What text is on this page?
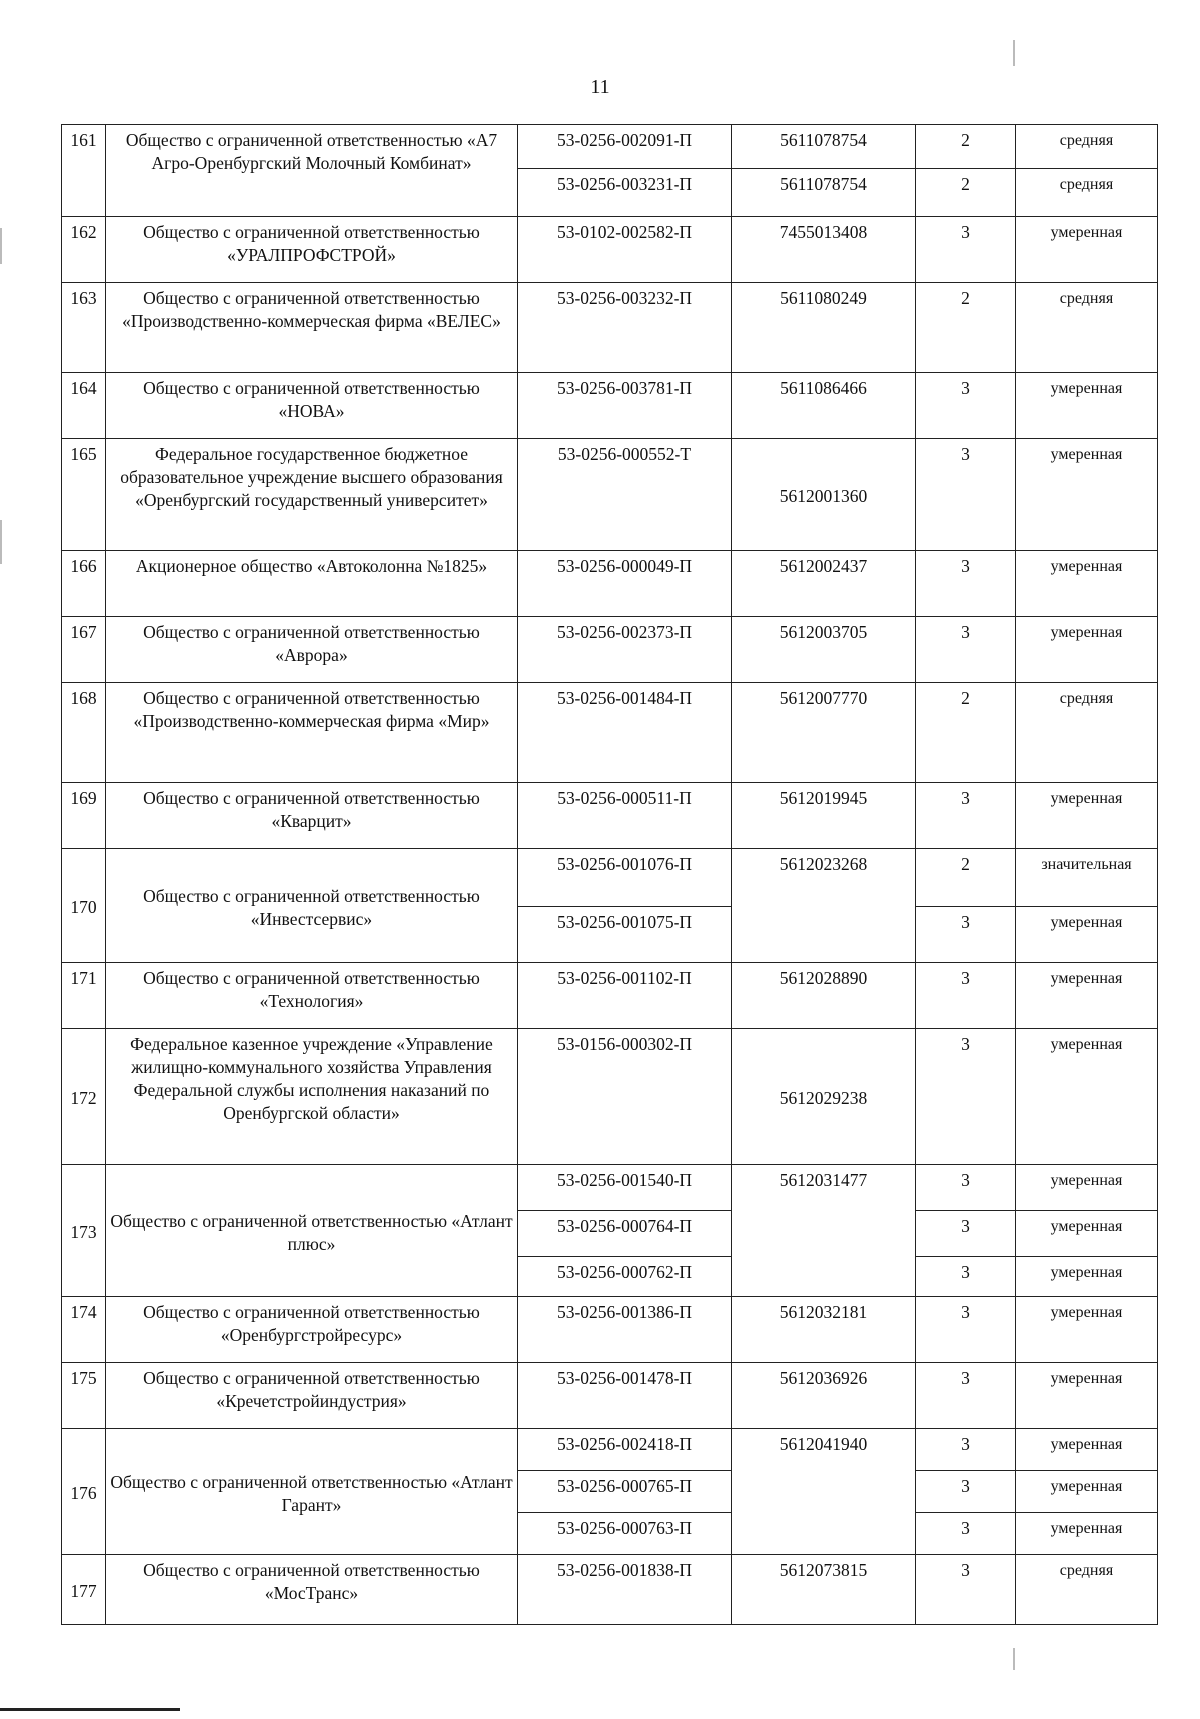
11
161	Общество с ограниченной ответственностью «А7 Агро-Оренбургский Молочный Комбинат»	53-0256-002091-П	5611078754	2	средняя
		53-0256-003231-П	5611078754	2	средняя
162	Общество с ограниченной ответственностью «УРАЛПРОФСТРОЙ»	53-0102-002582-П	7455013408	3	умеренная
163	Общество с ограниченной ответственностью «Производственно-коммерческая фирма «ВЕЛЕС»	53-0256-003232-П	5611080249	2	средняя
164	Общество с ограниченной ответственностью «НОВА»	53-0256-003781-П	5611086466	3	умеренная
165	Федеральное государственное бюджетное образовательное учреждение высшего образования «Оренбургский государственный университет»	53-0256-000552-Т	5612001360	3	умеренная
166	Акционерное общество «Автоколонна №1825»	53-0256-000049-П	5612002437	3	умеренная
167	Общество с ограниченной ответственностью «Аврора»	53-0256-002373-П	5612003705	3	умеренная
168	Общество с ограниченной ответственностью «Производственно-коммерческая фирма «Мир»	53-0256-001484-П	5612007770	2	средняя
169	Общество с ограниченной ответственностью «Кварцит»	53-0256-000511-П	5612019945	3	умеренная
170	Общество с ограниченной ответственностью «Инвестсервис»	53-0256-001076-П	5612023268	2	значительная
		53-0256-001075-П		3	умеренная
171	Общество с ограниченной ответственностью «Технология»	53-0256-001102-П	5612028890	3	умеренная
172	Федеральное казенное учреждение «Управление жилищно-коммунального хозяйства Управления Федеральной службы исполнения наказаний по Оренбургской области»	53-0156-000302-П	5612029238	3	умеренная
173	Общество с ограниченной ответственностью «Атлант плюс»	53-0256-001540-П	5612031477	3	умеренная
		53-0256-000764-П		3	умеренная
		53-0256-000762-П		3	умеренная
174	Общество с ограниченной ответственностью «Оренбургстройресурс»	53-0256-001386-П	5612032181	3	умеренная
175	Общество с ограниченной ответственностью «Кречетстройиндустрия»	53-0256-001478-П	5612036926	3	умеренная
176	Общество с ограниченной ответственностью «Атлант Гарант»	53-0256-002418-П	5612041940	3	умеренная
		53-0256-000765-П		3	умеренная
		53-0256-000763-П		3	умеренная
177	Общество с ограниченной ответственностью «МосТранс»	53-0256-001838-П	5612073815	3	средняя
